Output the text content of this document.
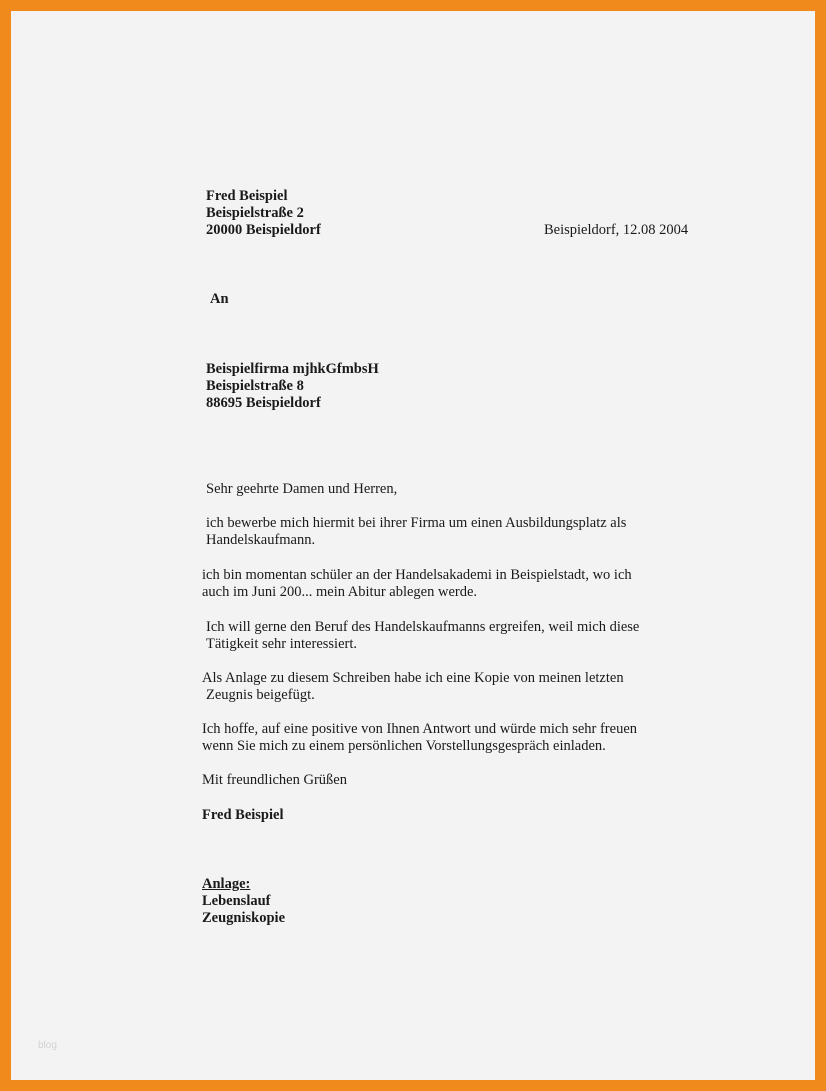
Fred Beispiel
Beispielstraße 2
20000 Beispieldorf	Beispieldorf, 12.08 2004
An
Beispielfirma mjhkGfmbsH
Beispielstraße 8
88695 Beispieldorf
Sehr geehrte Damen und Herren,
ich bewerbe mich hiermit bei ihrer Firma um einen Ausbildungsplatz als
Handelskaufmann.
ich bin momentan schüler an der Handelsakademi in Beispielstadt, wo ich
auch im Juni 200... mein Abitur ablegen werde.
Ich will gerne den Beruf des Handelskaufmanns ergreifen, weil mich diese
Tätigkeit sehr interessiert.
Als Anlage zu diesem Schreiben habe ich eine Kopie von meinen letzten
Zeugnis beigefügt.
Ich hoffe, auf eine positive von Ihnen Antwort und würde mich sehr freuen
wenn Sie mich zu einem persönlichen Vorstellungsgespräch einladen.
Mit freundlichen Grüßen
Fred Beispiel
Anlage:
Lebenslauf
Zeugniskopie
blog
